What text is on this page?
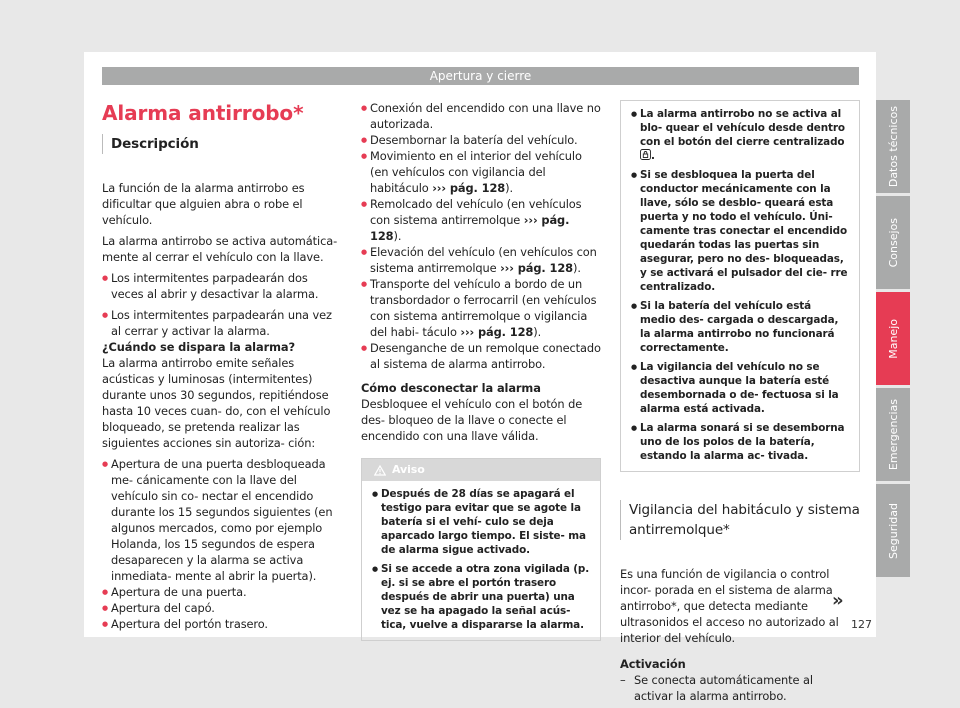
Apertura y cierre
Alarma antirrobo*
Descripción

La función de la alarma antirrobo es dificultar que alguien abra o robe el vehículo.

La alarma antirrobo se activa automática- mente al cerrar el vehículo con la llave.

● Los intermitentes parpadearán dos veces al abrir y desactivar la alarma.

● Los intermitentes parpadearán una vez al cerrar y activar la alarma.

¿Cuándo se dispara la alarma?

La alarma antirrobo emite señales acústicas y luminosas (intermitentes) durante unos 30 segundos, repitiéndose hasta 10 veces cuan- do, con el vehículo bloqueado, se pretenda realizar las siguientes acciones sin autoriza- ción:

● Apertura de una puerta desbloqueada me- cánicamente con la llave del vehículo sin co- nectar el encendido durante los 15 segundos siguientes (en algunos mercados, como por ejemplo Holanda, los 15 segundos de espera desaparecen y la alarma se activa inmediata- mente al abrir la puerta).

● Apertura de una puerta.

● Apertura del capó.

● Apertura del portón trasero.

● Conexión del encendido con una llave no autorizada.

● Desembornar la batería del vehículo.

● Movimiento en el interior del vehículo (en vehículos con vigilancia del habitáculo ››› pág. 128).

● Remolcado del vehículo (en vehículos con sistema antirremolque ››› pág. 128).

● Elevación del vehículo (en vehículos con sistema antirremolque ››› pág. 128).

● Transporte del vehículo a bordo de un transbordador o ferrocarril (en vehículos con sistema antirremolque o vigilancia del habi- táculo ››› pág. 128).

● Desenganche de un remolque conectado al sistema de alarma antirrobo.

Cómo desconectar la alarma

Desbloquee el vehículo con el botón de des- bloqueo de la llave o conecte el encendido con una llave válida.

Aviso

● Después de 28 días se apagará el testigo para evitar que se agote la batería si el vehí- culo se deja aparcado largo tiempo. El siste- ma de alarma sigue activado.

● Si se accede a otra zona vigilada (p. ej. si se abre el portón trasero después de abrir una puerta) una vez se ha apagado la señal acús- tica, vuelve a dispararse la alarma.

● La alarma antirrobo no se activa al blo- quear el vehículo desde dentro con el botón del cierre centralizado .

● Si se desbloquea la puerta del conductor mecánicamente con la llave, sólo se desblo- queará esta puerta y no todo el vehículo. Úni- camente tras conectar el encendido quedarán todas las puertas sin asegurar, pero no des- bloqueadas, y se activará el pulsador del cie- rre centralizado.

● Si la batería del vehículo está medio des- cargada o descargada, la alarma antirrobo no funcionará correctamente.

● La vigilancia del vehículo no se desactiva aunque la batería esté desembornada o de- fectuosa si la alarma está activada.

● La alarma sonará si se desemborna uno de los polos de la batería, estando la alarma ac- tivada.

Vigilancia del habitáculo y sistema antirremolque*

Es una función de vigilancia o control incor- porada en el sistema de alarma antirrobo*, que detecta mediante ultrasonidos el acceso no autorizado al interior del vehículo.

Activación

– Se conecta automáticamente al activar la alarma antirrobo.

»
127
Datos técnicos
Consejos
Manejo
Emergencias
Seguridad
